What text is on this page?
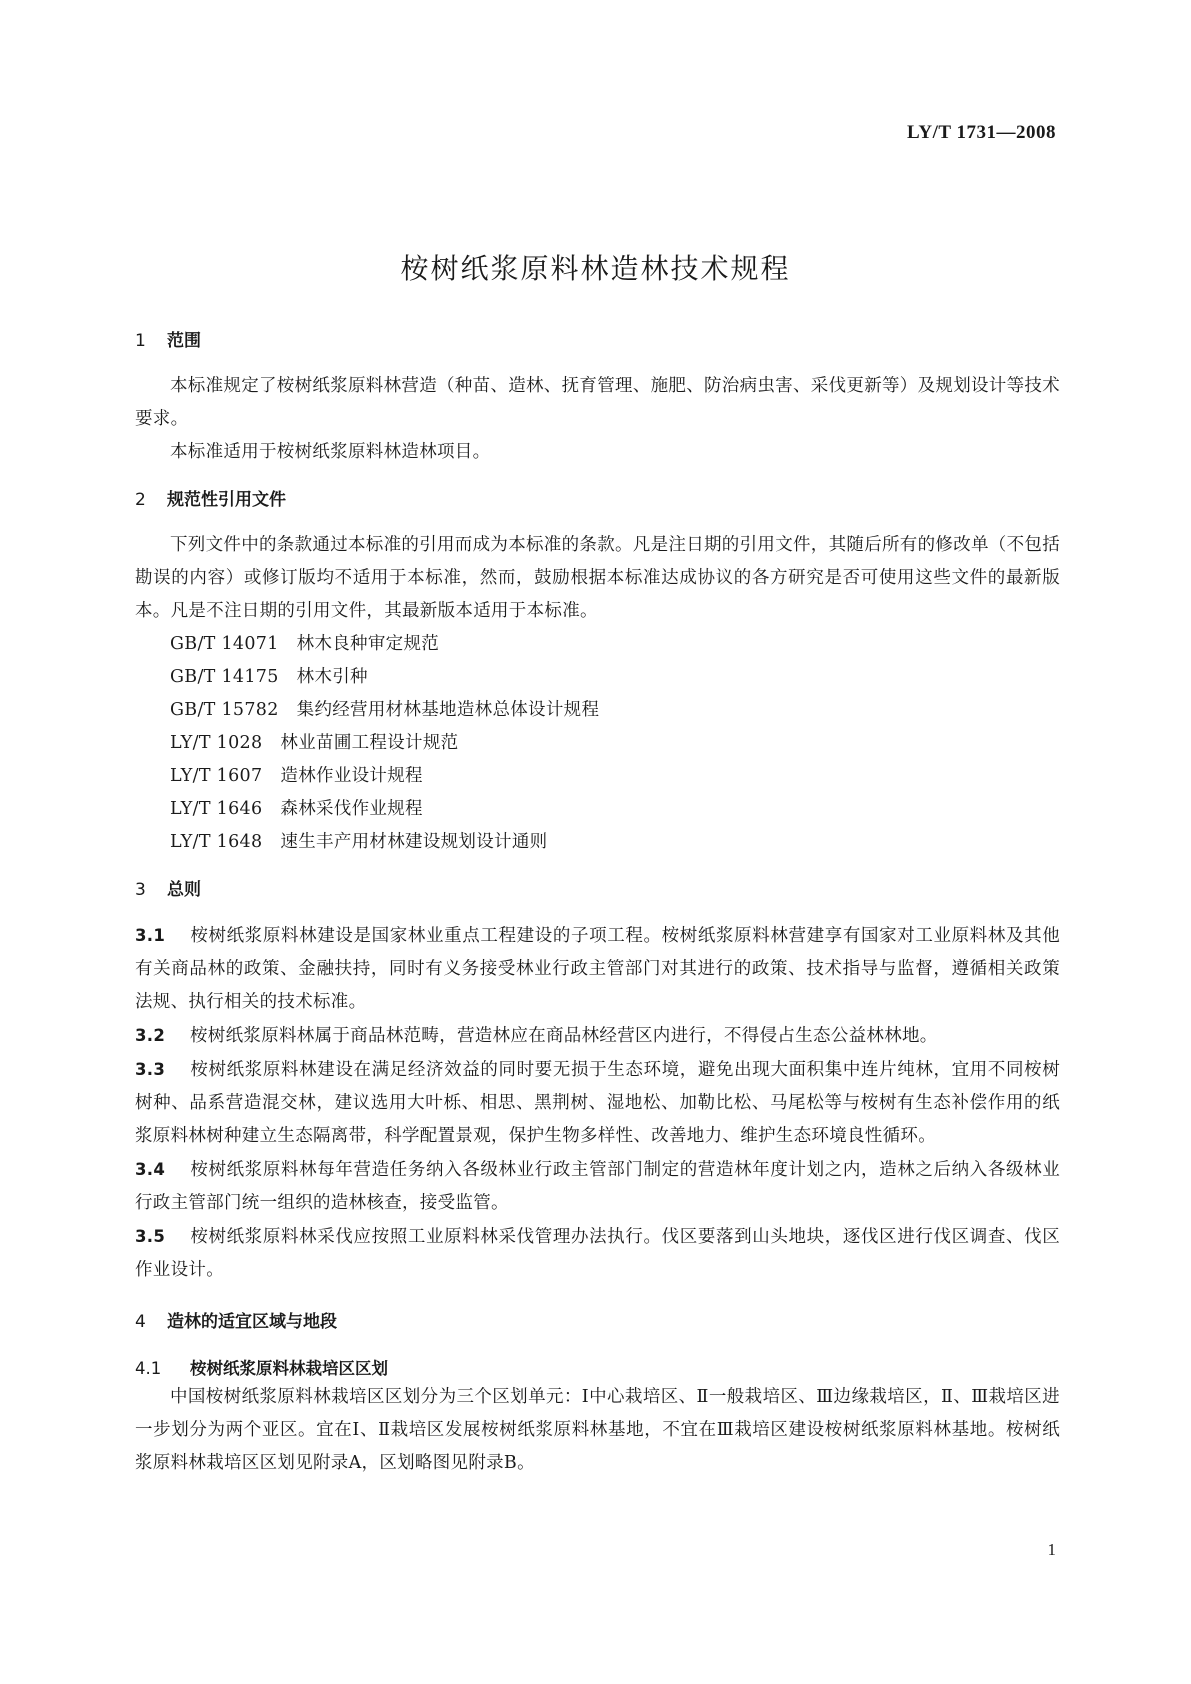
LY/T 1731—2008
桉树纸浆原料林造林技术规程
1 范围

本标准规定了桉树纸浆原料林营造（种苗、造林、抚育管理、施肥、防治病虫害、采伐更新等）及规划设计等技术要求。

本标准适用于桉树纸浆原料林造林项目。

2 规范性引用文件

下列文件中的条款通过本标准的引用而成为本标准的条款。凡是注日期的引用文件，其随后所有的修改单（不包括勘误的内容）或修订版均不适用于本标准，然而，鼓励根据本标准达成协议的各方研究是否可使用这些文件的最新版本。凡是不注日期的引用文件，其最新版本适用于本标准。

GB/T 14071 林木良种审定规范
GB/T 14175 林木引种
GB/T 15782 集约经营用材林基地造林总体设计规程
LY/T 1028 林业苗圃工程设计规范
LY/T 1607 造林作业设计规程
LY/T 1646 森林采伐作业规程
LY/T 1648 速生丰产用材林建设规划设计通则
3 总则

3.1 桉树纸浆原料林建设是国家林业重点工程建设的子项工程。桉树纸浆原料林营建享有国家对工业原料林及其他有关商品林的政策、金融扶持，同时有义务接受林业行政主管部门对其进行的政策、技术指导与监督，遵循相关政策法规、执行相关的技术标准。

3.2 桉树纸浆原料林属于商品林范畴，营造林应在商品林经营区内进行，不得侵占生态公益林林地。

3.3 桉树纸浆原料林建设在满足经济效益的同时要无损于生态环境，避免出现大面积集中连片纯林，宜用不同桉树树种、品系营造混交林，建议选用大叶栎、相思、黑荆树、湿地松、加勒比松、马尾松等与桉树有生态补偿作用的纸浆原料林树种建立生态隔离带，科学配置景观，保护生物多样性、改善地力、维护生态环境良性循环。

3.4 桉树纸浆原料林每年营造任务纳入各级林业行政主管部门制定的营造林年度计划之内，造林之后纳入各级林业行政主管部门统一组织的造林核查，接受监管。

3.5 桉树纸浆原料林采伐应按照工业原料林采伐管理办法执行。伐区要落到山头地块，逐伐区进行伐区调查、伐区作业设计。

4 造林的适宜区域与地段
4.1 桉树纸浆原料林栽培区区划

中国桉树纸浆原料林栽培区区划分为三个区划单元：Ⅰ中心栽培区、Ⅱ一般栽培区、Ⅲ边缘栽培区，Ⅱ、Ⅲ栽培区进一步划分为两个亚区。宜在Ⅰ、Ⅱ栽培区发展桉树纸浆原料林基地，不宜在Ⅲ栽培区建设桉树纸浆原料林基地。桉树纸浆原料林栽培区区划见附录A，区划略图见附录B。

1
